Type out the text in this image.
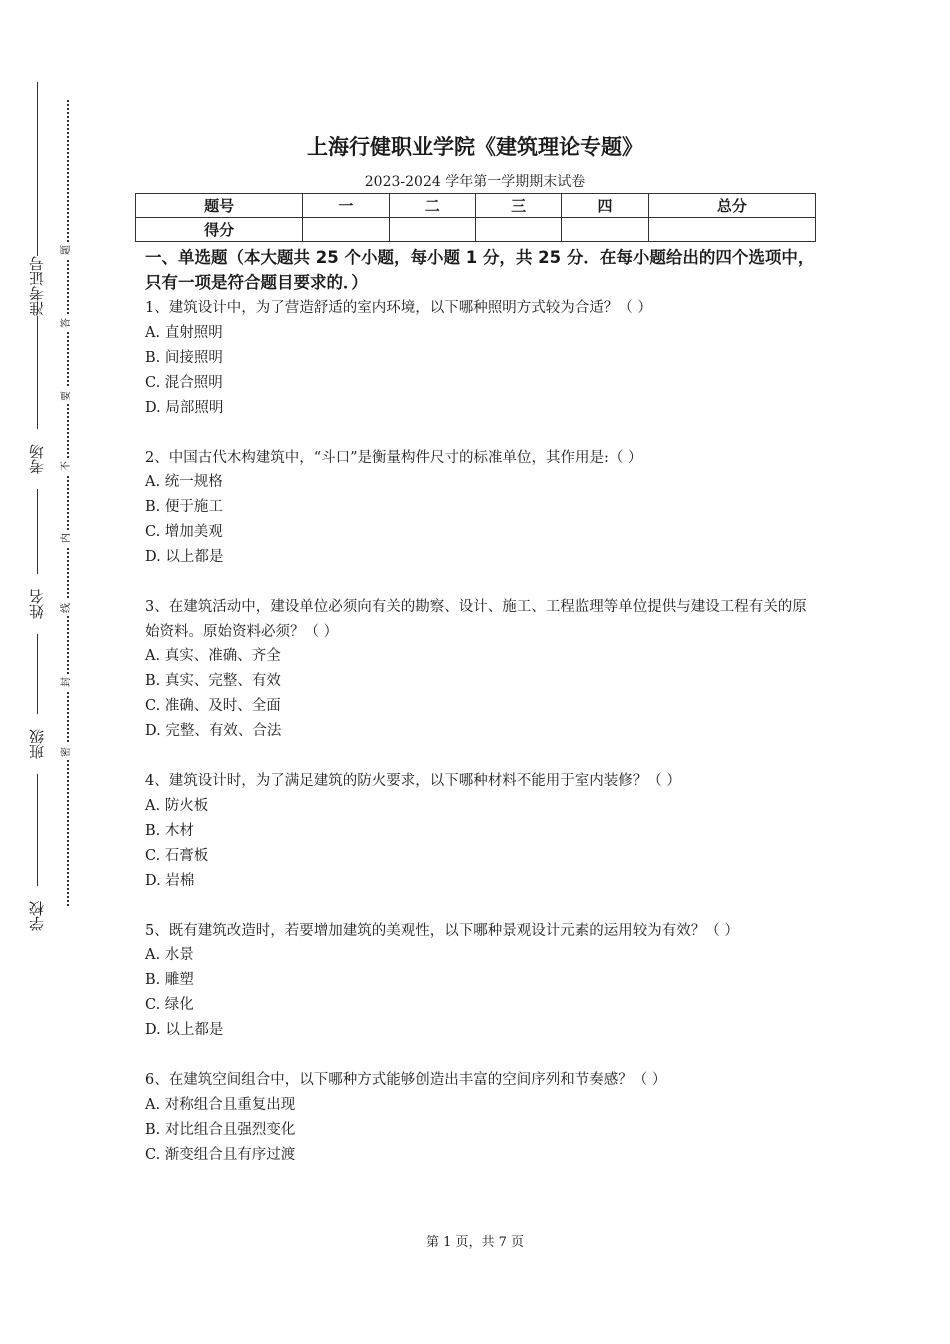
准考证号
考场
姓名
班级
学校
题
答
要
不
内
线
封
密
上海行健职业学院《建筑理论专题》
2023-2024 学年第一学期期末试卷
题号	一	二	三	四	总分
得分					
一、单选题（本大题共 25 个小题，每小题 1 分，共 25 分．在每小题给出的四个选项中，只有一项是符合题目要求的．）
1、建筑设计中，为了营造舒适的室内环境，以下哪种照明方式较为合适？（ ）
A. 直射照明
B. 间接照明
C. 混合照明
D. 局部照明
2、中国古代木构建筑中，“斗口”是衡量构件尺寸的标准单位，其作用是:（ ）
A. 统一规格
B. 便于施工
C. 增加美观
D. 以上都是
3、在建筑活动中，建设单位必须向有关的勘察、设计、施工、工程监理等单位提供与建设工程有关的原始资料。原始资料必须？（ ）
A. 真实、准确、齐全
B. 真实、完整、有效
C. 准确、及时、全面
D. 完整、有效、合法
4、建筑设计时，为了满足建筑的防火要求，以下哪种材料不能用于室内装修？（ ）
A. 防火板
B. 木材
C. 石膏板
D. 岩棉
5、既有建筑改造时，若要增加建筑的美观性，以下哪种景观设计元素的运用较为有效？（ ）
A. 水景
B. 雕塑
C. 绿化
D. 以上都是
6、在建筑空间组合中，以下哪种方式能够创造出丰富的空间序列和节奏感？（ ）
A. 对称组合且重复出现
B. 对比组合且强烈变化
C. 渐变组合且有序过渡
第 1 页，共 7 页
